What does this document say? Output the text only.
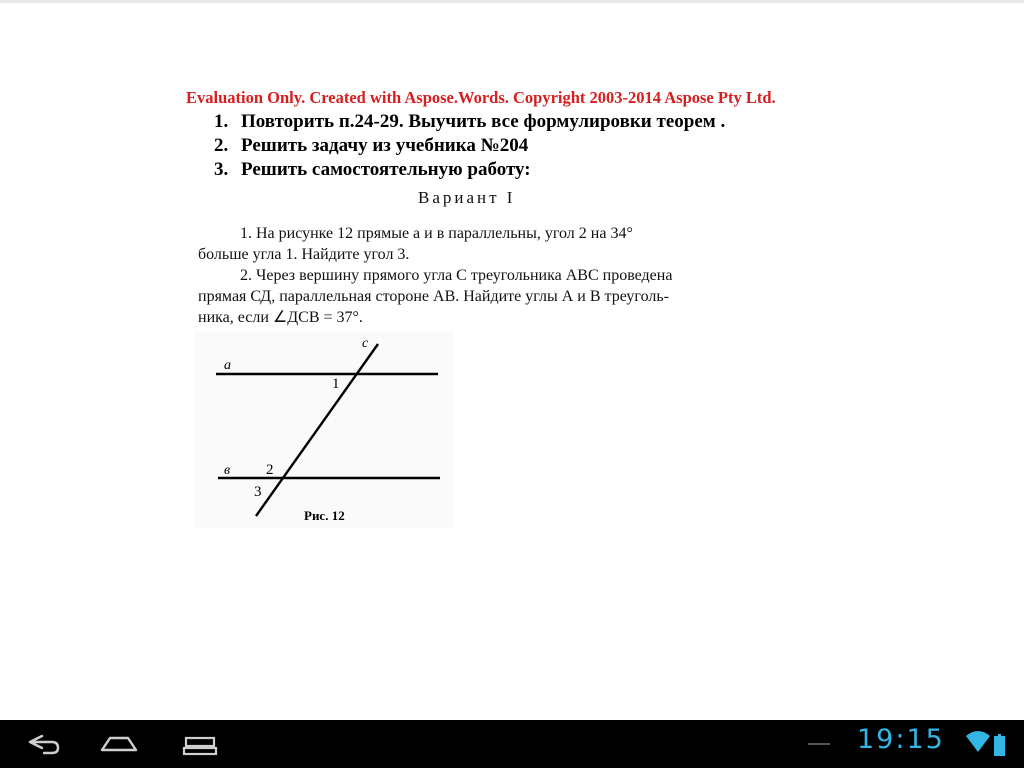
Evaluation Only. Created with Aspose.Words. Copyright 2003-2014 Aspose Pty Ltd.
1. Повторить п.24-29. Выучить все формулировки теорем .
2. Решить задачу из учебника №204
3. Решить самостоятельную работу:
Вариант I
1. На рисунке 12 прямые а и в параллельны, угол 2 на 34°
больше угла 1. Найдите угол 3.
2. Через вершину прямого угла С треугольника АВС проведена
прямая СД, параллельная стороне АВ. Найдите углы А и В треуголь-
ника, если ∠ДСВ = 37°.
а
в
с
1
2
3
Рис. 12
19:15
